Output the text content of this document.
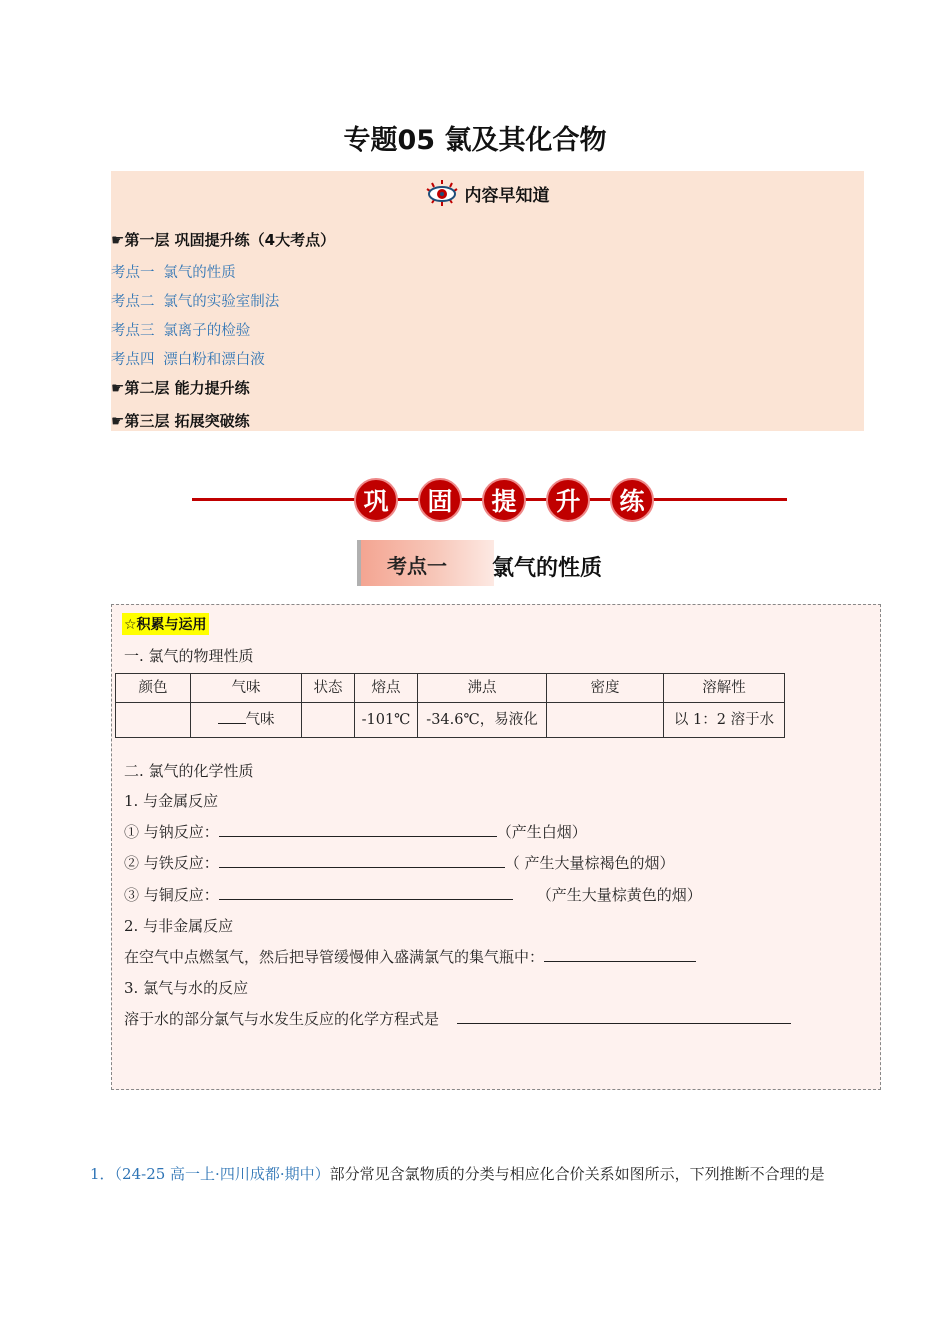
专题05 氯及其化合物
内容早知道
☛第一层 巩固提升练（4大考点）
考点一 氯气的性质
考点二 氯气的实验室制法
考点三 氯离子的检验
考点四 漂白粉和漂白液
☛第二层 能力提升练
☛第三层 拓展突破练
巩	固	提	升	练
考点一 氯气的性质
☆积累与运用
一. 氯气的物理性质
颜色	气味	状态	熔点	沸点	密度	溶解性
	气味		-101℃	-34.6℃，易液化		以 1：2 溶于水
二. 氯气的化学性质
1. 与金属反应
① 与钠反应：	（产生白烟）
② 与铁反应：	（ 产生大量棕褐色的烟）
③ 与铜反应：	（产生大量棕黄色的烟）
2. 与非金属反应
在空气中点燃氢气，然后把导管缓慢伸入盛满氯气的集气瓶中：
3. 氯气与水的反应
溶于水的部分氯气与水发生反应的化学方程式是
1．（24-25 高一上·四川成都·期中）部分常见含氯物质的分类与相应化合价关系如图所示，下列推断不合理的是
